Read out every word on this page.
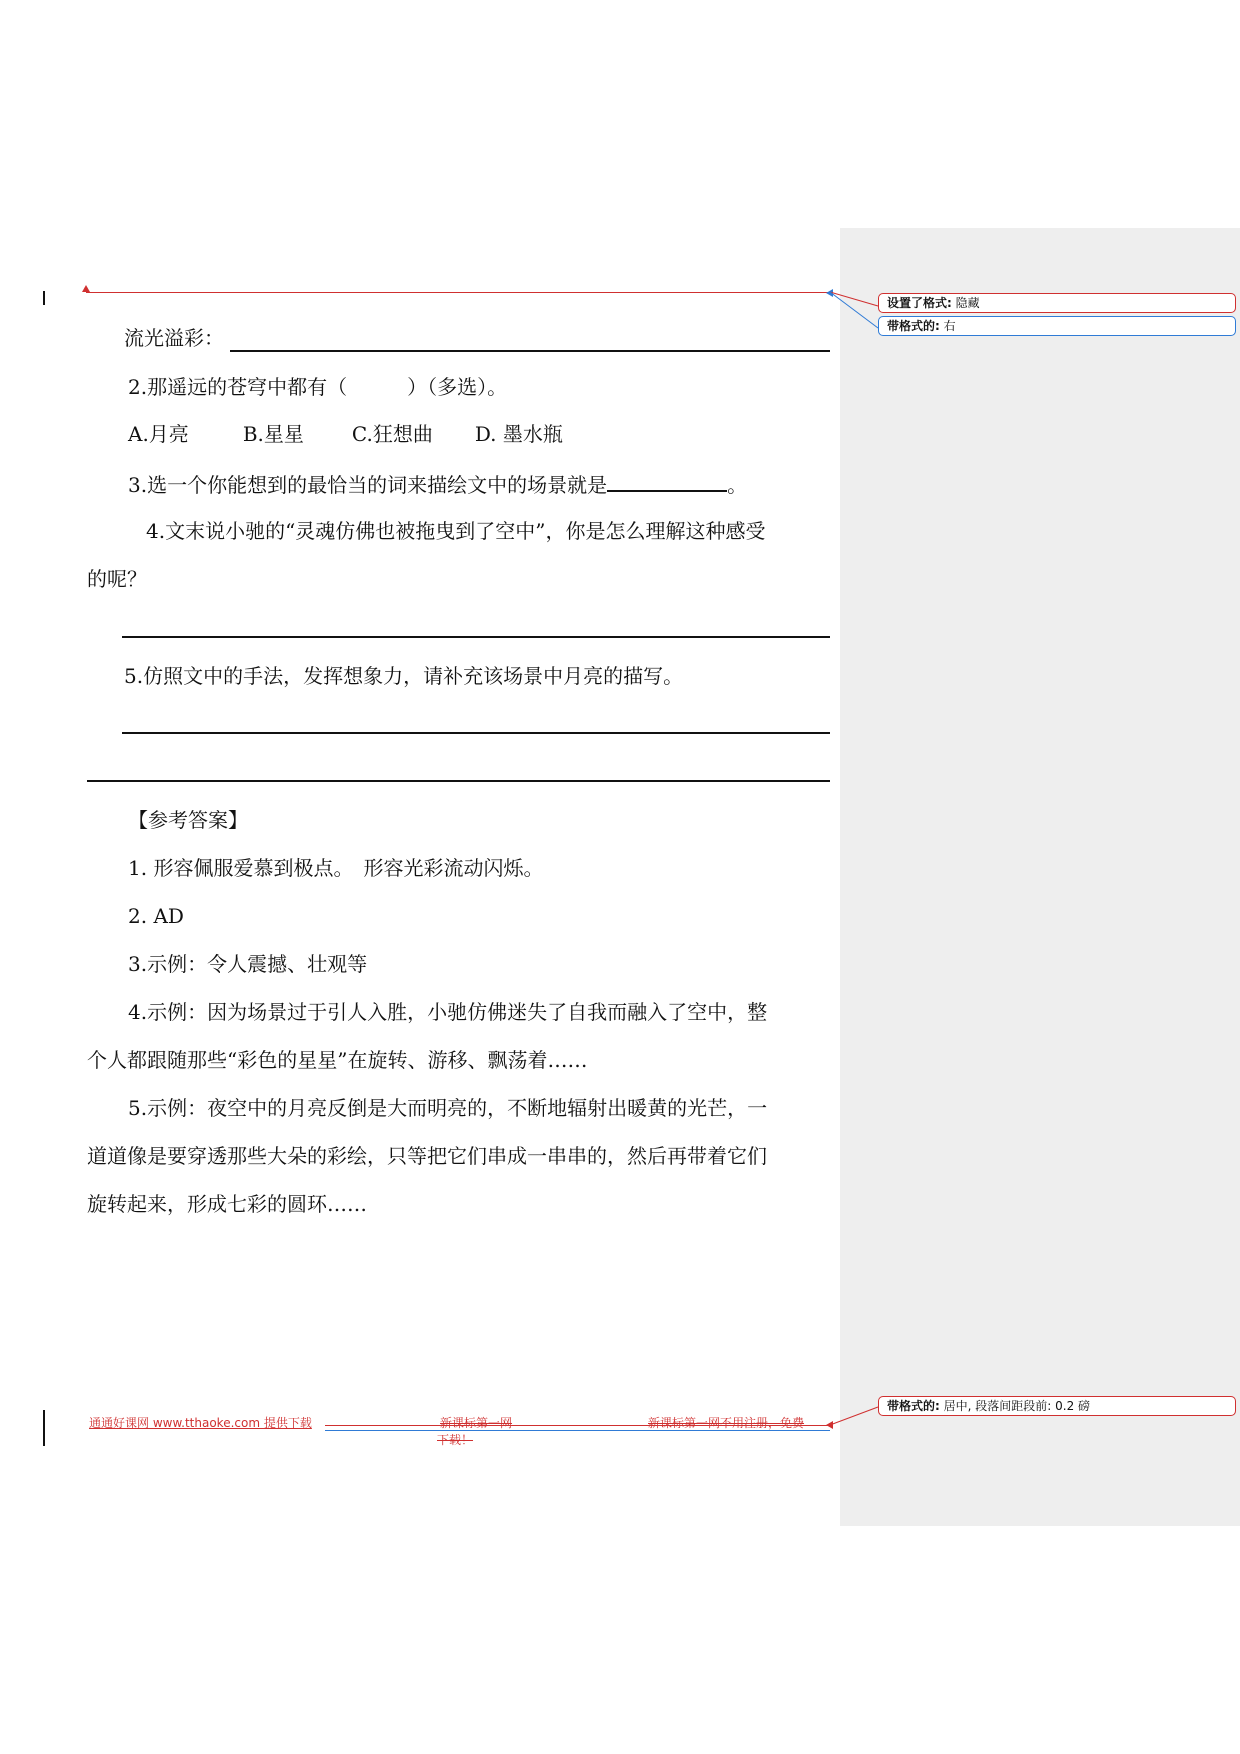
设置了格式: 隐藏
带格式的: 右
流光溢彩：
2.那遥远的苍穹中都有（　　　）（多选）。
A.月亮	B.星星 C.狂想曲 D. 墨水瓶
3.选一个你能想到的最恰当的词来描绘文中的场景就是	。
4.文末说小驰的“灵魂仿佛也被拖曳到了空中”，你是怎么理解这种感受
的呢？
5.仿照文中的手法，发挥想象力，请补充该场景中月亮的描写。
【参考答案】
1. 形容佩服爱慕到极点。　形容光彩流动闪烁。
2. AD
3.示例：令人震撼、壮观等
4.示例：因为场景过于引人入胜，小驰仿佛迷失了自我而融入了空中，整
个人都跟随那些“彩色的星星”在旋转、游移、飘荡着……
5.示例：夜空中的月亮反倒是大而明亮的，不断地辐射出暖黄的光芒，一
道道像是要穿透那些大朵的彩绘，只等把它们串成一串串的，然后再带着它们
旋转起来，形成七彩的圆环……
通通好课网 www.tthaoke.com 提供下载	新课标第一网
下载！
新课标第一网不用注册，免费
带格式的: 居中, 段落间距段前: 0.2 磅
